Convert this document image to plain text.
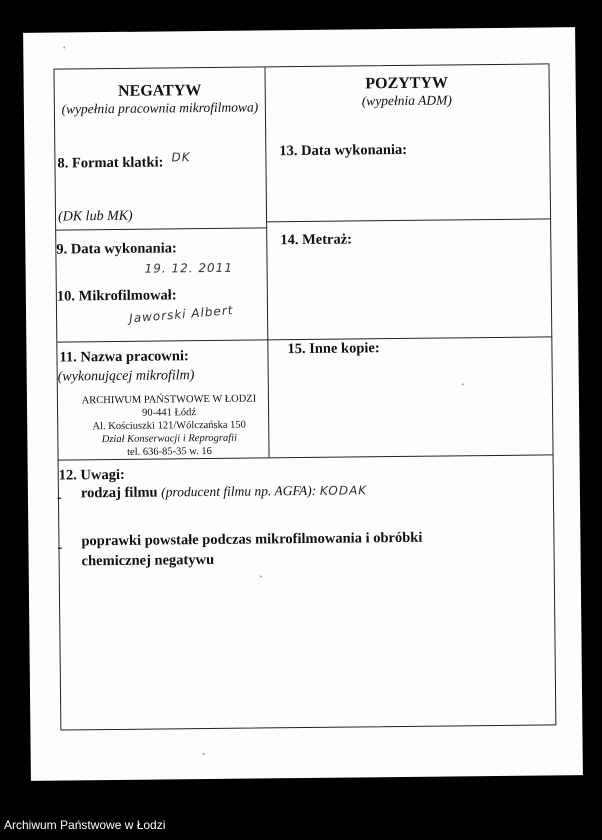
NEGATYW
(wypełnia pracownia mikrofilmowa)
POZYTYW
(wypełnia ADM)
8. Format klatki: DK
(DK lub MK)
13. Data wykonania:
9. Data wykonania:
19. 12. 2011
14. Metraż:
10. Mikrofilmował:
Jaworski Albert
11. Nazwa pracowni:
(wykonującej mikrofilm)
ARCHIWUM PAŃSTWOWE W ŁODZI
90-441 Łódź
Al. Kościuszki 121/Wólczańska 150
Dział Konserwacji i Reprografii
tel. 636-85-35 w. 16
15. Inne kopie:
12. Uwagi:
- rodzaj filmu (producent filmu np. AGFA): KODAK
- poprawki powstałe podczas mikrofilmowania i obróbki
chemicznej negatywu
Archiwum Państwowe w Łodzi
